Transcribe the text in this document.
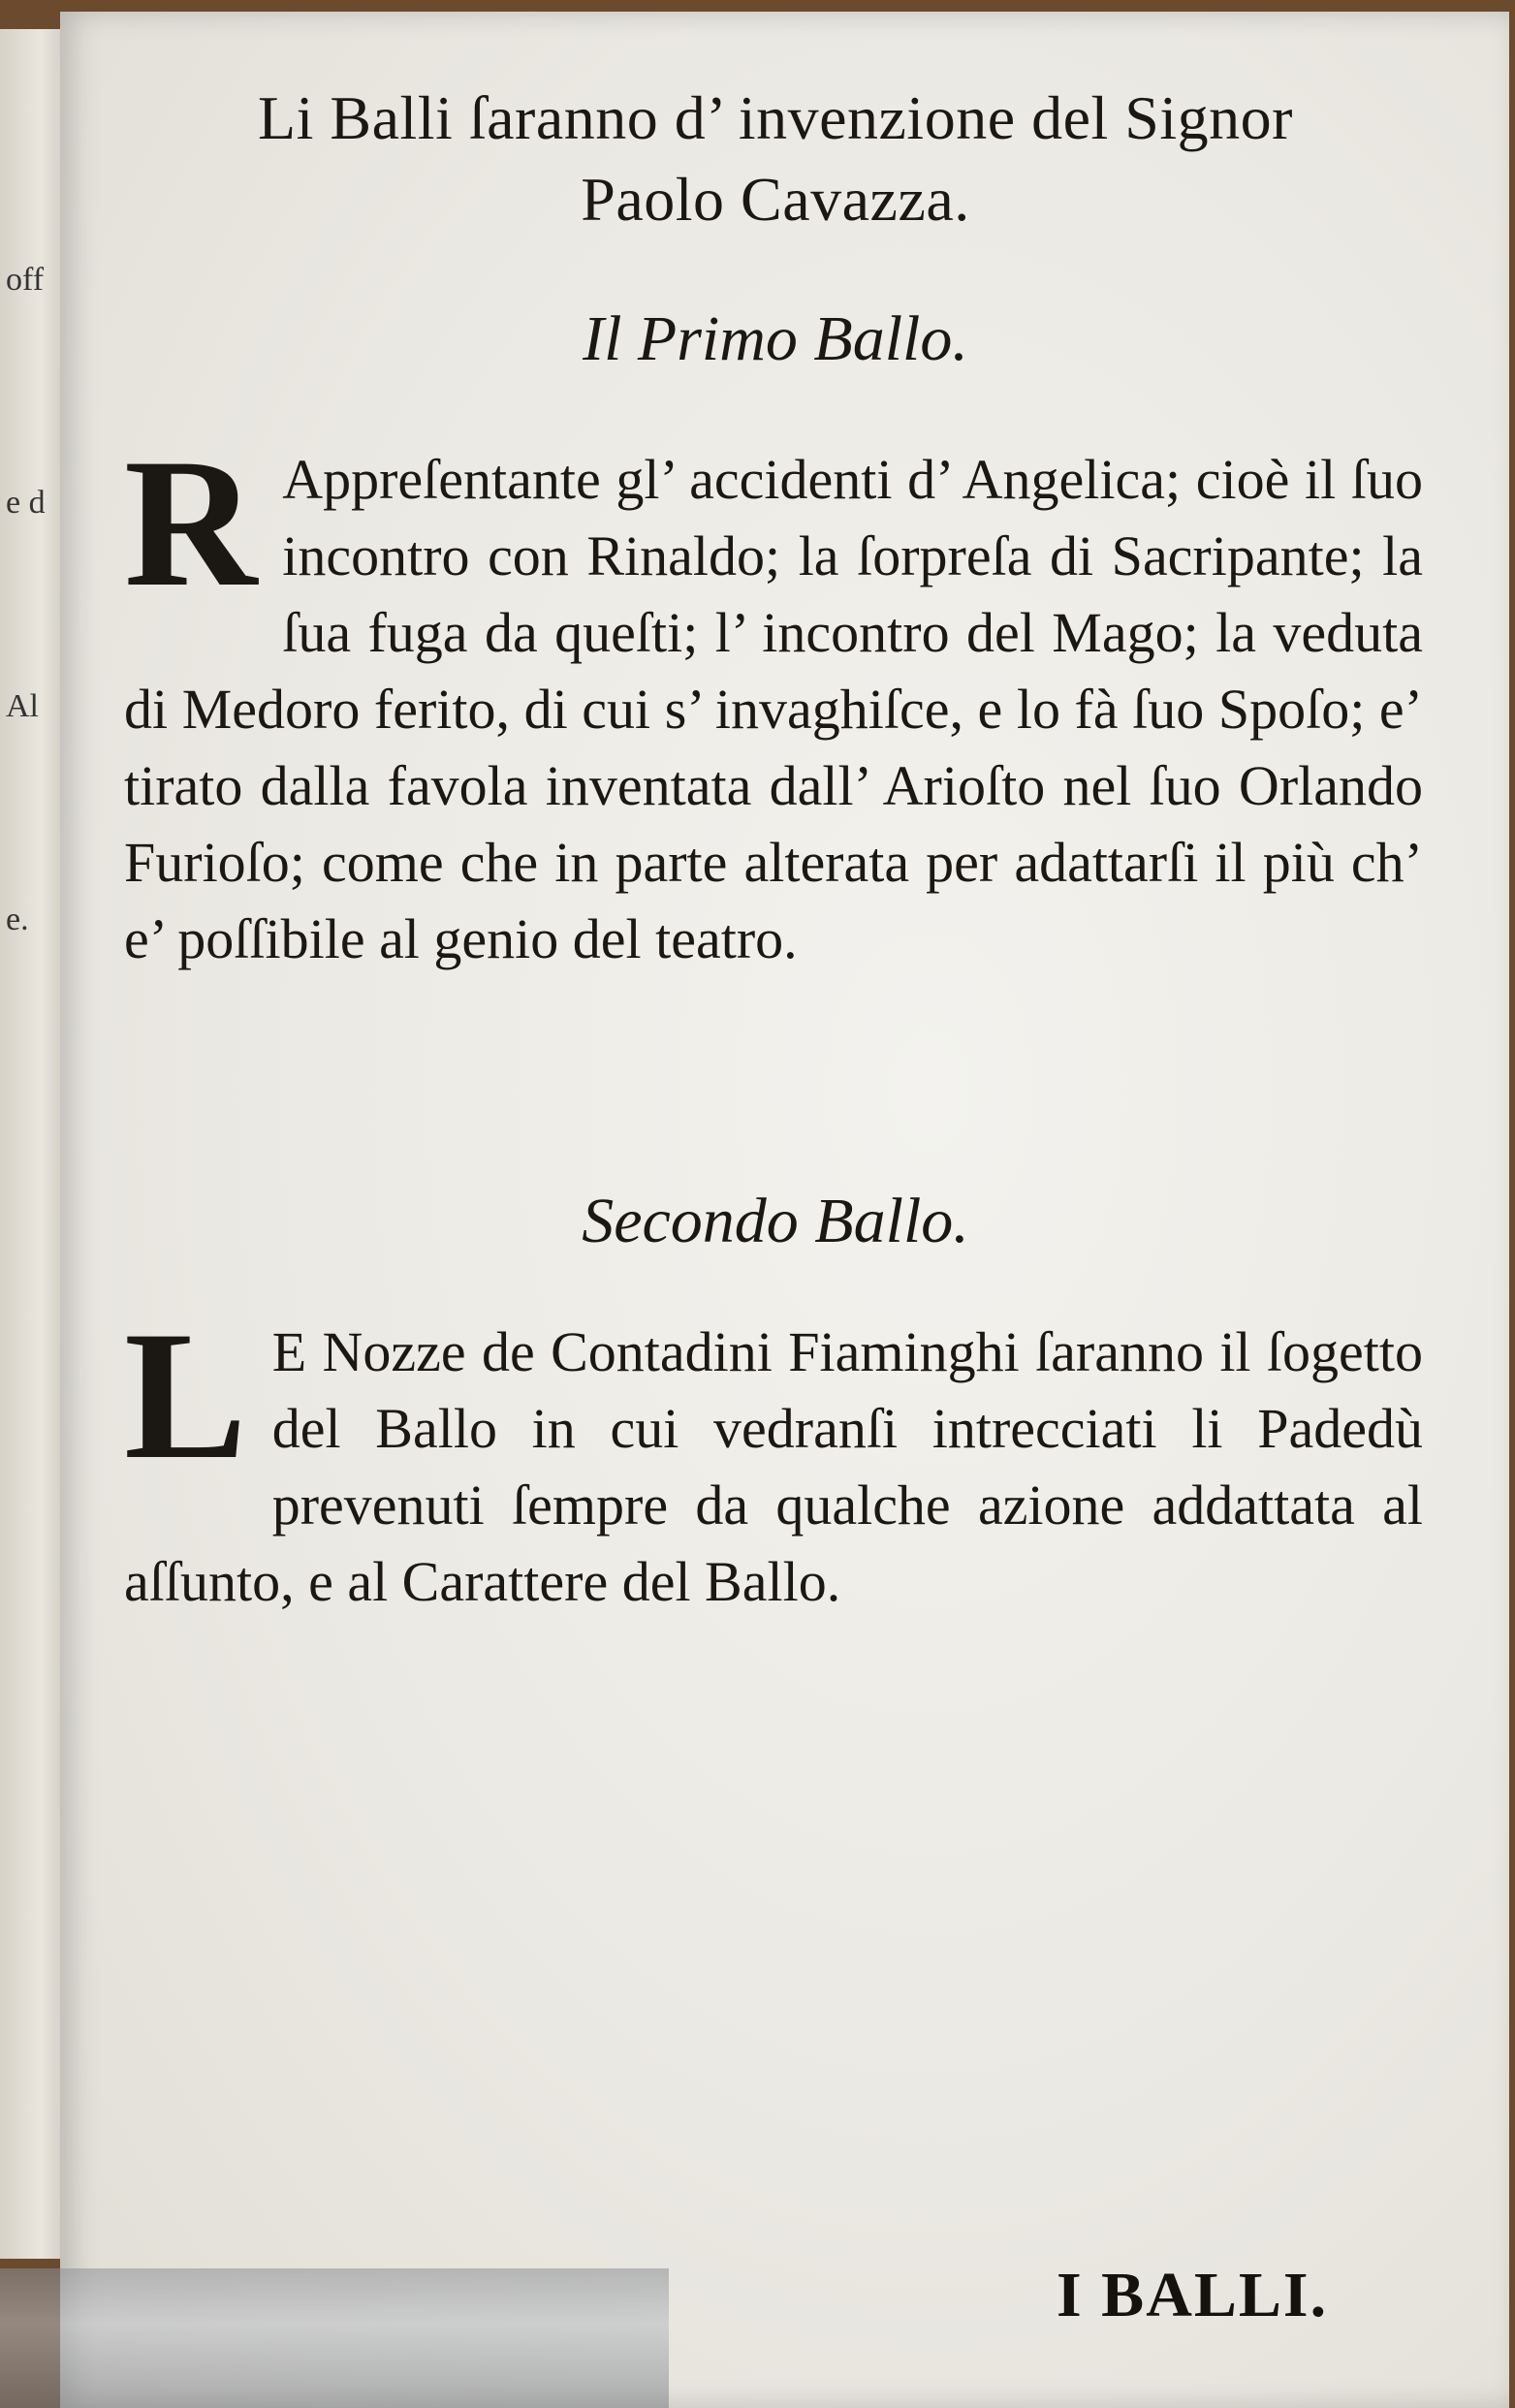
off
e d
Al
e.
Li Balli ſaranno d’ invenzione del Signor
Paolo Cavazza.
Il Primo Ballo.
R Appreſentante gl’ accidenti d’ Angelica; cioè il ſuo incontro con Rinaldo; la ſorpreſa di Sacripante; la ſua fuga da queſti; l’ incontro del Mago; la veduta di Medoro ferito, di cui s’ invaghiſce, e lo fà ſuo Spoſo; e’ tirato dalla favola inventata dall’ Arioſto nel ſuo Orlando Furioſo; come che in parte alterata per adattarſi il più ch’ e’ poſſibile al genio del teatro.
Secondo Ballo.
L E Nozze de Contadini Fiaminghi ſaranno il ſogetto del Ballo in cui vedranſi intrecciati li Padedù prevenuti ſempre da qualche azione addattata al aſſunto, e al Carattere del Ballo.
I BALLI.
